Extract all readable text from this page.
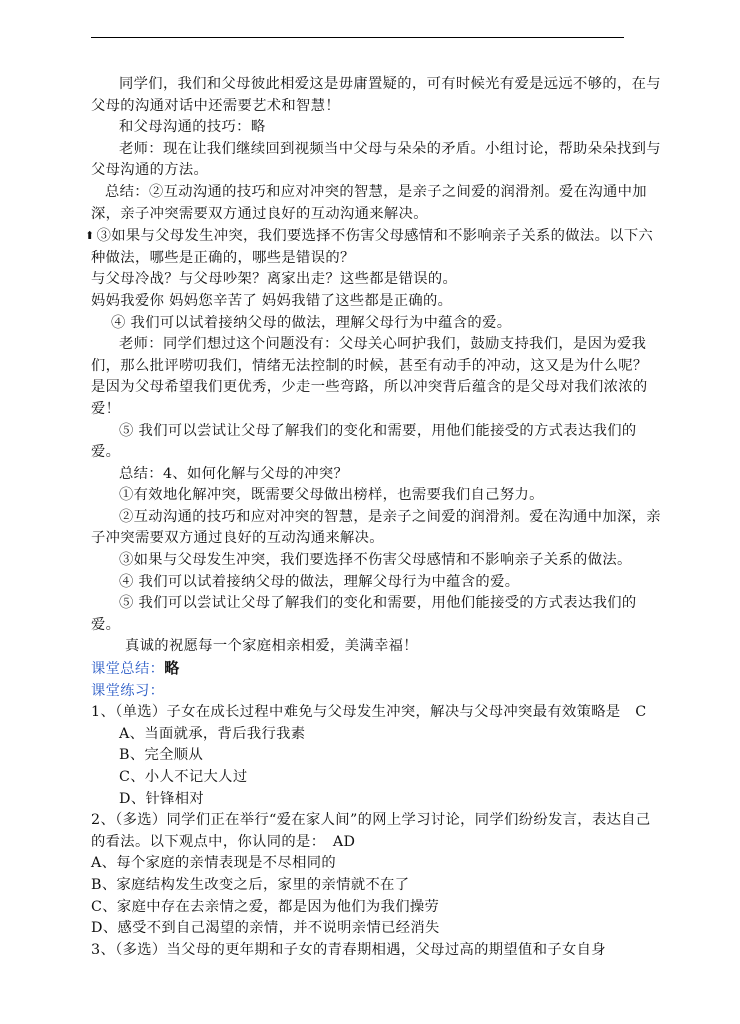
同学们，我们和父母彼此相爱这是毋庸置疑的，可有时候光有爱是远远不够的，在与父母的沟通对话中还需要艺术和智慧！

和父母沟通的技巧：略

老师：现在让我们继续回到视频当中父母与朵朵的矛盾。小组讨论，帮助朵朵找到与父母沟通的方法。

总结：②互动沟通的技巧和应对冲突的智慧，是亲子之间爱的润滑剂。爱在沟通中加深，亲子冲突需要双方通过良好的互动沟通来解决。

⬆ ③如果与父母发生冲突，我们要选择不伤害父母感情和不影响亲子关系的做法。以下六种做法，哪些是正确的，哪些是错误的？

与父母冷战？与父母吵架？离家出走？这些都是错误的。

妈妈我爱你 妈妈您辛苦了 妈妈我错了这些都是正确的。

④ 我们可以试着接纳父母的做法，理解父母行为中蕴含的爱。

老师：同学们想过这个问题没有：父母关心呵护我们，鼓励支持我们，是因为爱我们，那么批评唠叨我们，情绪无法控制的时候，甚至有动手的冲动，这又是为什么呢？是因为父母希望我们更优秀，少走一些弯路，所以冲突背后蕴含的是父母对我们浓浓的爱！

⑤ 我们可以尝试让父母了解我们的变化和需要，用他们能接受的方式表达我们的爱。

总结：4、如何化解与父母的冲突？

①有效地化解冲突，既需要父母做出榜样，也需要我们自己努力。

②互动沟通的技巧和应对冲突的智慧，是亲子之间爱的润滑剂。爱在沟通中加深，亲子冲突需要双方通过良好的互动沟通来解决。

③如果与父母发生冲突，我们要选择不伤害父母感情和不影响亲子关系的做法。

④ 我们可以试着接纳父母的做法，理解父母行为中蕴含的爱。

⑤ 我们可以尝试让父母了解我们的变化和需要，用他们能接受的方式表达我们的爱。

真诚的祝愿每一个家庭相亲相爱，美满幸福！

课堂总结：略

课堂练习：

1、（单选）子女在成长过程中难免与父母发生冲突，解决与父母冲突最有效策略是　C

A、当面就承，背后我行我素

B、完全顺从

C、小人不记大人过

D、针锋相对

2、（多选）同学们正在举行“爱在家人间”的网上学习讨论，同学们纷纷发言，表达自己的看法。以下观点中，你认同的是：　AD

A、每个家庭的亲情表现是不尽相同的

B、家庭结构发生改变之后，家里的亲情就不在了

C、家庭中存在去亲情之爱，都是因为他们为我们操劳

D、感受不到自己渴望的亲情，并不说明亲情已经消失

3、（多选）当父母的更年期和子女的青春期相遇，父母过高的期望值和子女自身
